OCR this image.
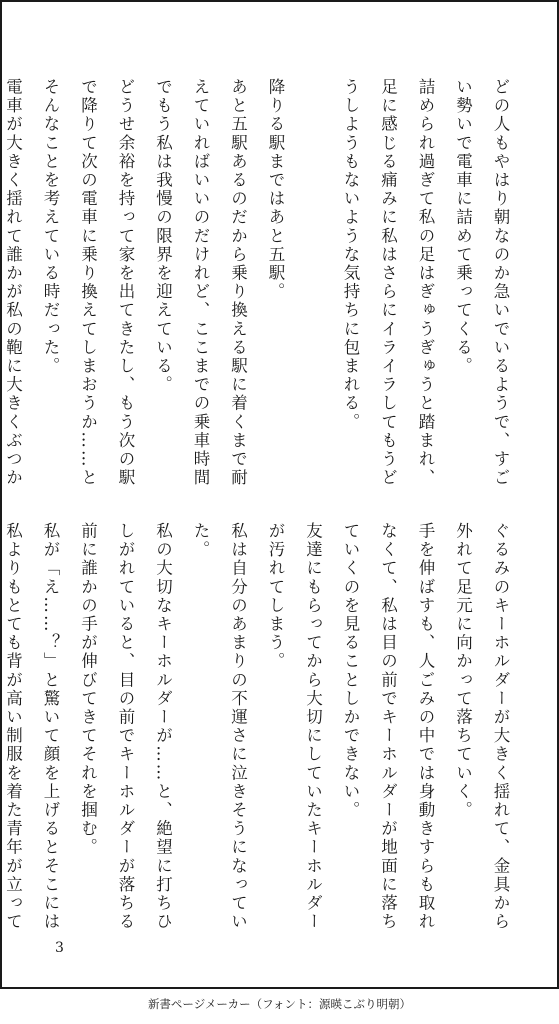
どの人もやはり朝なのか急いでいるようで、すご
い勢いで電車に詰めて乗ってくる。
詰められ過ぎて私の足はぎゅうぎゅうと踏まれ、
足に感じる痛みに私はさらにイライラしてもうど
うしようもないような気持ちに包まれる。
降りる駅まではあと五駅。
あと五駅あるのだから乗り換える駅に着くまで耐
えていればいいのだけれど、ここまでの乗車時間
でもう私は我慢の限界を迎えている。
どうせ余裕を持って家を出てきたし、もう次の駅
で降りて次の電車に乗り換えてしまおうか……と
そんなことを考えている時だった。
電車が大きく揺れて誰かが私の鞄に大きくぶつか
ぐるみのキーホルダーが大きく揺れて、金具から
外れて足元に向かって落ちていく。
手を伸ばすも、人ごみの中では身動きすらも取れ
なくて、私は目の前でキーホルダーが地面に落ち
ていくのを見ることしかできない。
友達にもらってから大切にしていたキーホルダー
が汚れてしまう。
私は自分のあまりの不運さに泣きそうになってい
た。
私の大切なキーホルダーが……と、絶望に打ちひ
しがれていると、目の前でキーホルダーが落ちる
前に誰かの手が伸びてきてそれを掴む。
私が「え……？」と驚いて顔を上げるとそこには
私よりもとても背が高い制服を着た青年が立って
3
新書ページメーカー（フォント：源暎こぶり明朝）
